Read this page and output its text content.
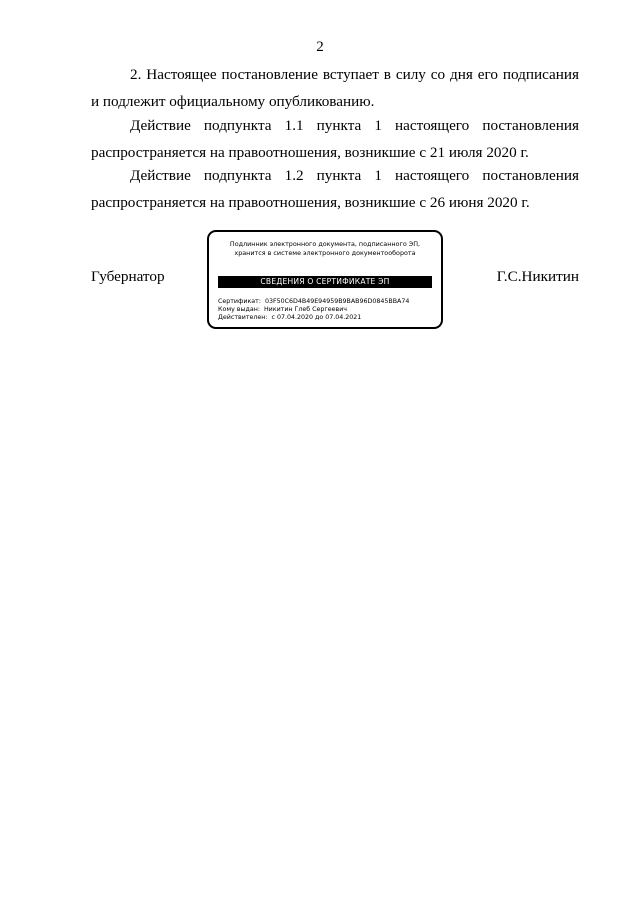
2
2. Настоящее постановление вступает в силу со дня его подписания и подлежит официальному опубликованию.
Действие подпункта 1.1 пункта 1 настоящего постановления распространяется на правоотношения, возникшие с 21 июля 2020 г.
Действие подпункта 1.2 пункта 1 настоящего постановления распространяется на правоотношения, возникшие с 26 июня 2020 г.
Губернатор	Г.С.Никитин
Подлинник электронного документа, подписанного ЭП,
хранится в системе электронного документооборота
СВЕДЕНИЯ О СЕРТИФИКАТЕ ЭП
Сертификат: 03F50C6D4B49E94959B9BAB96D0845BBA74
Кому выдан: Никитин Глеб Сергеевич
Действителен: с 07.04.2020 до 07.04.2021
